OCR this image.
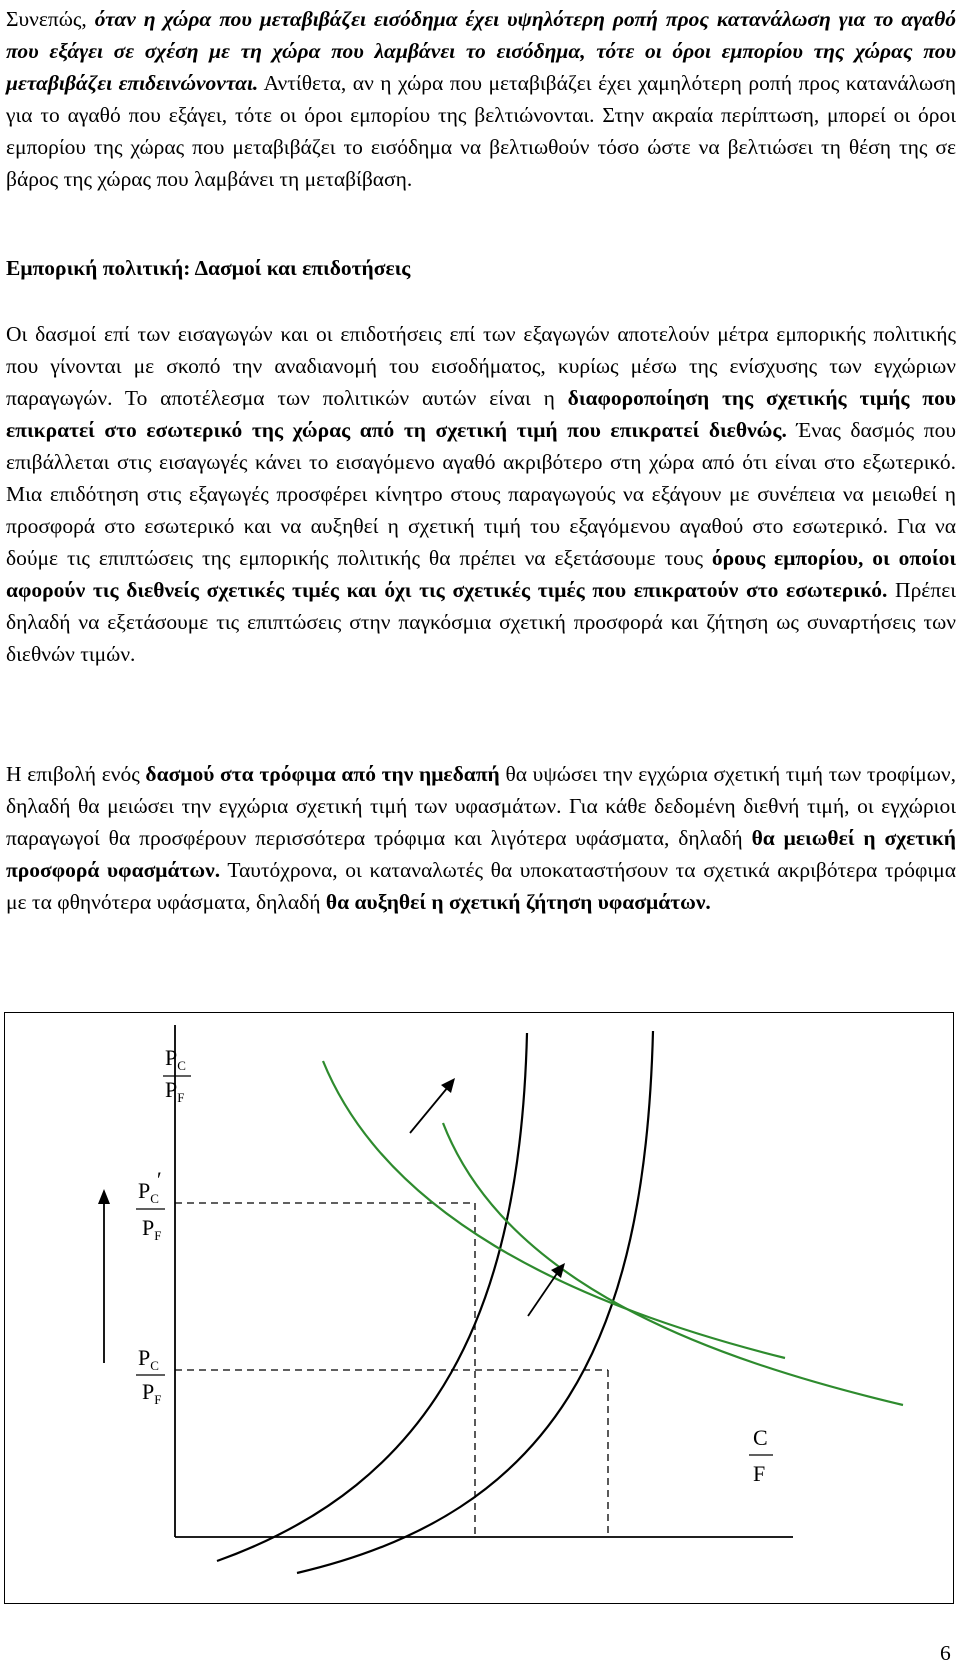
Συνεπώς, όταν η χώρα που μεταβιβάζει εισόδημα έχει υψηλότερη ροπή προς κατανάλωση για το αγαθό που εξάγει σε σχέση με τη χώρα που λαμβάνει το εισόδημα, τότε οι όροι εμπορίου της χώρας που μεταβιβάζει επιδεινώνονται. Αντίθετα, αν η χώρα που μεταβιβάζει έχει χαμηλότερη ροπή προς κατανάλωση για το αγαθό που εξάγει, τότε οι όροι εμπορίου της βελτιώνονται. Στην ακραία περίπτωση, μπορεί οι όροι εμπορίου της χώρας που μεταβιβάζει το εισόδημα να βελτιωθούν τόσο ώστε να βελτιώσει τη θέση της σε βάρος της χώρας που λαμβάνει τη μεταβίβαση.

Εμπορική πολιτική: Δασμοί και επιδοτήσεις

Οι δασμοί επί των εισαγωγών και οι επιδοτήσεις επί των εξαγωγών αποτελούν μέτρα εμπορικής πολιτικής που γίνονται με σκοπό την αναδιανομή του εισοδήματος, κυρίως μέσω της ενίσχυσης των εγχώριων παραγωγών. Το αποτέλεσμα των πολιτικών αυτών είναι η διαφοροποίηση της σχετικής τιμής που επικρατεί στο εσωτερικό της χώρας από τη σχετική τιμή που επικρατεί διεθνώς. Ένας δασμός που επιβάλλεται στις εισαγωγές κάνει το εισαγόμενο αγαθό ακριβότερο στη χώρα από ότι είναι στο εξωτερικό. Μια επιδότηση στις εξαγωγές προσφέρει κίνητρο στους παραγωγούς να εξάγουν με συνέπεια να μειωθεί η προσφορά στο εσωτερικό και να αυξηθεί η σχετική τιμή του εξαγόμενου αγαθού στο εσωτερικό. Για να δούμε τις επιπτώσεις της εμπορικής πολιτικής θα πρέπει να εξετάσουμε τους όρους εμπορίου, οι οποίοι αφορούν τις διεθνείς σχετικές τιμές και όχι τις σχετικές τιμές που επικρατούν στο εσωτερικό. Πρέπει δηλαδή να εξετάσουμε τις επιπτώσεις στην παγκόσμια σχετική προσφορά και ζήτηση ως συναρτήσεις των διεθνών τιμών.

Η επιβολή ενός δασμού στα τρόφιμα από την ημεδαπή θα υψώσει την εγχώρια σχετική τιμή των τροφίμων, δηλαδή θα μειώσει την εγχώρια σχετική τιμή των υφασμάτων. Για κάθε δεδομένη διεθνή τιμή, οι εγχώριοι παραγωγοί θα προσφέρουν περισσότερα τρόφιμα και λιγότερα υφάσματα, δηλαδή θα μειωθεί η σχετική προσφορά υφασμάτων. Ταυτόχρονα, οι καταναλωτές θα υποκαταστήσουν τα σχετικά ακριβότερα τρόφιμα με τα φθηνότερα υφάσματα, δηλαδή θα αυξηθεί η σχετική ζήτηση υφασμάτων.

$P_C$
$P_F$
$P_C'$
$P_F$
$P_C$
$P_F$
C
F
6
